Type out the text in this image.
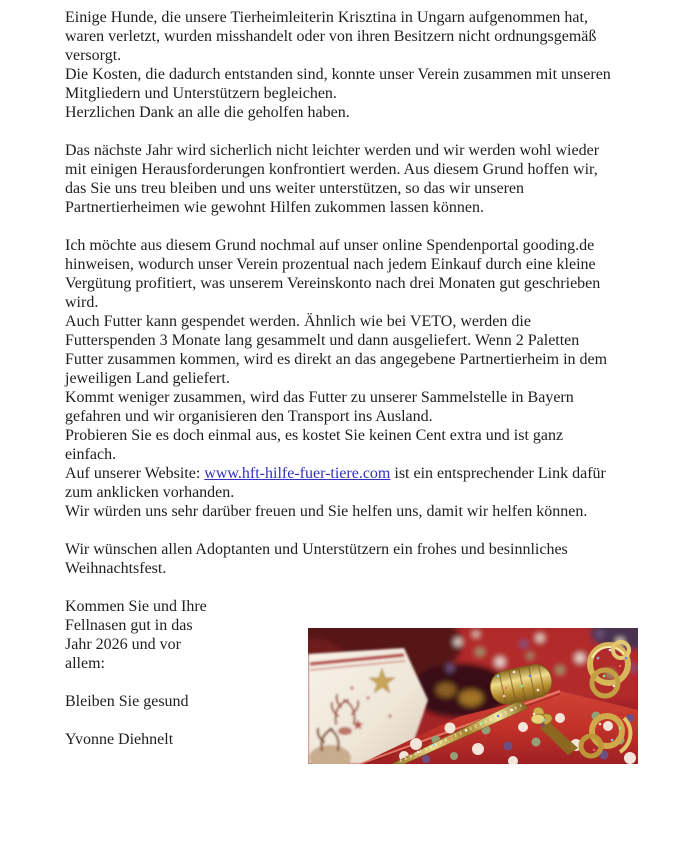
Einige Hunde, die unsere Tierheimleiterin Krisztina in Ungarn aufgenommen hat,
waren verletzt, wurden misshandelt oder von ihren Besitzern nicht ordnungsgemäß
versorgt.
Die Kosten, die dadurch entstanden sind, konnte unser Verein zusammen mit unseren
Mitgliedern und Unterstützern begleichen.
Herzlichen Dank an alle die geholfen haben.
Das nächste Jahr wird sicherlich nicht leichter werden und wir werden wohl wieder
mit einigen Herausforderungen konfrontiert werden. Aus diesem Grund hoffen wir,
das Sie uns treu bleiben und uns weiter unterstützen, so das wir unseren
Partnertierheimen wie gewohnt Hilfen zukommen lassen können.
Ich möchte aus diesem Grund nochmal auf unser online Spendenportal gooding.de
hinweisen, wodurch unser Verein prozentual nach jedem Einkauf durch eine kleine
Vergütung profitiert, was unserem Vereinskonto nach drei Monaten gut geschrieben
wird.
Auch Futter kann gespendet werden. Ähnlich wie bei VETO, werden die
Futterspenden 3 Monate lang gesammelt und dann ausgeliefert. Wenn 2 Paletten
Futter zusammen kommen, wird es direkt an das angegebene Partnertierheim in dem
jeweiligen Land geliefert.
Kommt weniger zusammen, wird das Futter zu unserer Sammelstelle in Bayern
gefahren und wir organisieren den Transport ins Ausland.
Probieren Sie es doch einmal aus, es kostet Sie keinen Cent extra und ist ganz
einfach.
Auf unserer Website: www.hft-hilfe-fuer-tiere.com ist ein entsprechender Link dafür
zum anklicken vorhanden.
Wir würden uns sehr darüber freuen und Sie helfen uns, damit wir helfen können.
Wir wünschen allen Adoptanten und Unterstützern ein frohes und besinnliches
Weihnachtsfest.
Kommen Sie und Ihre
Fellnasen gut in das
Jahr 2026 und vor
allem:
Bleiben Sie gesund
Yvonne Diehnelt
